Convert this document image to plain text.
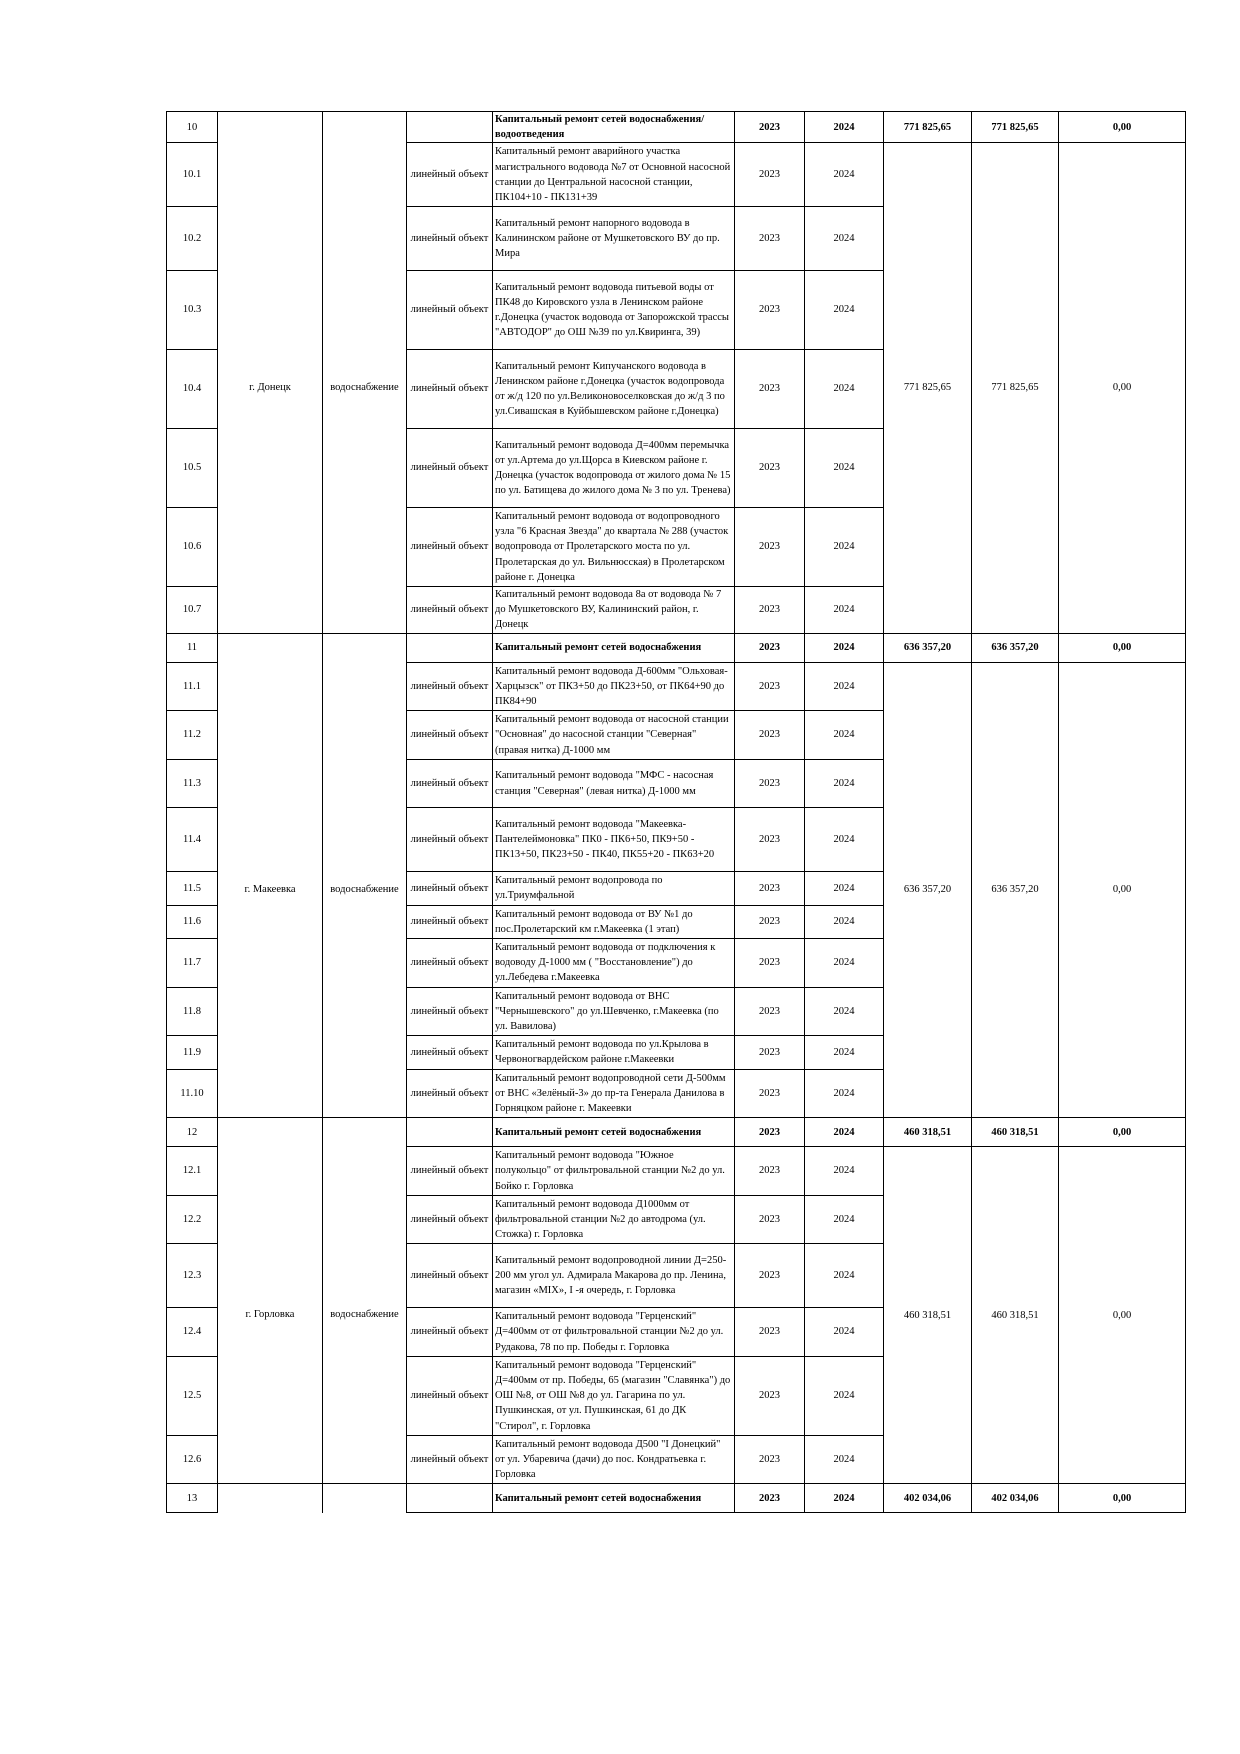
10				Капитальный ремонт сетей водоснабжения/водоотведения	2023	2024	771 825,65	771 825,65	0,00
10.1	г. Донецк	водоснабжение	линейный объект	Капитальный ремонт аварийного участка магистрального водовода №7 от Основной насосной станции до Центральной насосной станции, ПК104+10 - ПК131+39	2023	2024	771 825,65	771 825,65	0,00
10.2			линейный объект	Капитальный ремонт напорного водовода в Калининском районе от Мушкетовского ВУ до пр. Мира	2023	2024			
10.3			линейный объект	Капитальный ремонт водовода питьевой воды от ПК48 до Кировского узла в Ленинском районе г.Донецка (участок водовода от Запорожской трассы "АВТОДОР" до ОШ №39 по ул.Квиринга, 39)	2023	2024			
10.4			линейный объект	Капитальный ремонт Кипучанского водовода в Ленинском районе г.Донецка (участок водопровода от ж/д 120 по ул.Великоновоселковская до ж/д 3 по ул.Сивашская в Куйбышевском районе г.Донецка)	2023	2024			
10.5			линейный объект	Капитальный ремонт водовода Д=400мм перемычка от ул.Артема до ул.Щорса в Киевском районе г. Донецка (участок водопровода от жилого дома № 15 по ул. Батищева до жилого дома № 3 по ул. Тренева)	2023	2024			
10.6			линейный объект	Капитальный ремонт водовода от водопроводного узла "6 Красная Звезда" до квартала № 288 (участок водопровода от Пролетарского моста по ул. Пролетарская до ул. Вильнюсская) в Пролетарском районе г. Донецка	2023	2024			
10.7			линейный объект	Капитальный ремонт водовода 8а от водовода № 7 до Мушкетовского ВУ, Калининский район, г. Донецк	2023	2024			
11				Капитальный ремонт сетей водоснабжения	2023	2024	636 357,20	636 357,20	0,00
11.1	г. Макеевка	водоснабжение	линейный объект	Капитальный ремонт водовода Д-600мм "Ольховая-Харцызск" от ПК3+50 до ПК23+50, от ПК64+90 до ПК84+90	2023	2024	636 357,20	636 357,20	0,00
11.2			линейный объект	Капитальный ремонт водовода от насосной станции "Основная" до насосной станции "Северная" (правая нитка) Д-1000 мм	2023	2024			
11.3			линейный объект	Капитальный ремонт водовода "МФС - насосная станция "Северная" (левая нитка) Д-1000 мм	2023	2024			
11.4			линейный объект	Капитальный ремонт водовода "Макеевка-Пантелеймоновка" ПК0 - ПК6+50, ПК9+50 - ПК13+50, ПК23+50 - ПК40, ПК55+20 - ПК63+20	2023	2024			
11.5			линейный объект	Капитальный ремонт водопровода по ул.Триумфальной	2023	2024			
11.6			линейный объект	Капитальный ремонт водовода от ВУ №1 до пос.Пролетарский км г.Макеевка (1 этап)	2023	2024			
11.7			линейный объект	Капитальный ремонт водовода от подключения к водоводу Д-1000 мм ( "Восстановление") до ул.Лебедева г.Макеевка	2023	2024			
11.8			линейный объект	Капитальный ремонт водовода от ВНС "Чернышевского" до ул.Шевченко, г.Макеевка (по ул. Вавилова)	2023	2024			
11.9			линейный объект	Капитальный ремонт водовода по ул.Крылова в Червоногвардейском районе г.Макеевки	2023	2024			
11.10			линейный объект	Капитальный ремонт водопроводной сети Д-500мм от ВНС «Зелёный-3» до пр-та Генерала Данилова в Горняцком районе г. Макеевки	2023	2024			
12				Капитальный ремонт сетей водоснабжения	2023	2024	460 318,51	460 318,51	0,00
12.1	г. Горловка	водоснабжение	линейный объект	Капитальный ремонт водовода "Южное полукольцо" от фильтровальной станции №2 до ул. Бойко г. Горловка	2023	2024	460 318,51	460 318,51	0,00
12.2			линейный объект	Капитальный ремонт водовода Д1000мм от фильтровальной станции №2 до автодрома (ул. Стожка) г. Горловка	2023	2024			
12.3			линейный объект	Капитальный ремонт водопроводной линии Д=250-200 мм угол ул. Адмирала Макарова до пр. Ленина, магазин «MIX», I -я очередь, г. Горловка	2023	2024			
12.4			линейный объект	Капитальный ремонт водовода "Герценский" Д=400мм от от фильтровальной станции №2 до ул. Рудакова, 78 по пр. Победы г. Горловка	2023	2024			
12.5			линейный объект	Капитальный ремонт водовода "Герценский" Д=400мм от пр. Победы, 65 (магазин "Славянка") до ОШ №8, от ОШ №8 до ул. Гагарина по ул. Пушкинская, от ул. Пушкинская, 61 до ДК "Стирол", г. Горловка	2023	2024			
12.6			линейный объект	Капитальный ремонт водовода Д500 "I Донецкий" от ул. Убаревича (дачи) до пос. Кондратьевка г. Горловка	2023	2024			
13				Капитальный ремонт сетей водоснабжения	2023	2024	402 034,06	402 034,06	0,00
